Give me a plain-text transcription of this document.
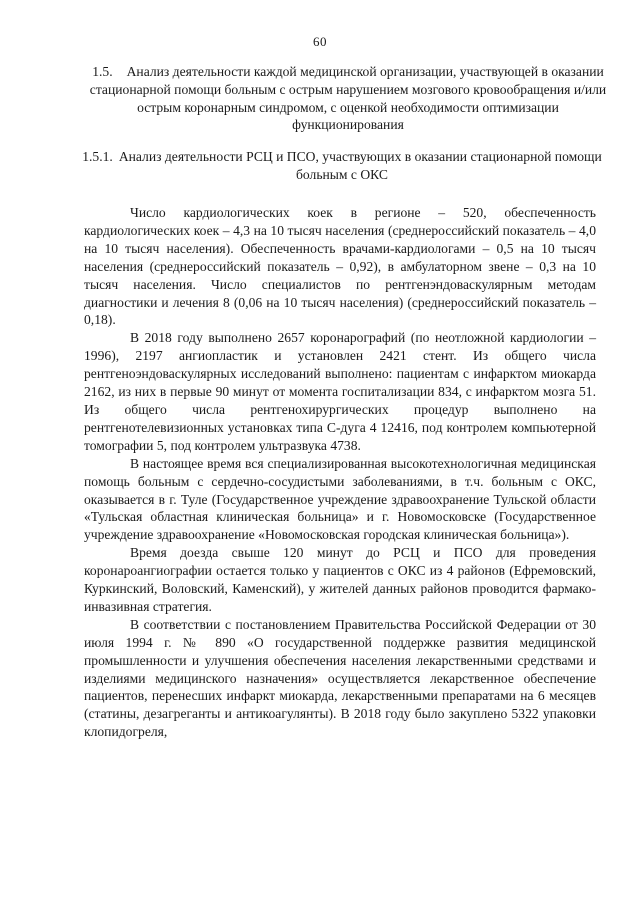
60
1.5. Анализ деятельности каждой медицинской организации, участвующей в оказании стационарной помощи больным с острым нарушением мозгового кровообращения и/или острым коронарным синдромом, с оценкой необходимости оптимизации функционирования
1.5.1. Анализ деятельности РСЦ и ПСО, участвующих в оказании стационарной помощи больным с ОКС

Число кардиологических коек в регионе – 520, обеспеченность кардиологических коек – 4,3 на 10 тысяч населения (среднероссийский показатель – 4,0 на 10 тысяч населения). Обеспеченность врачами-кардиологами – 0,5 на 10 тысяч населения (среднероссийский показатель – 0,92), в амбулаторном звене – 0,3 на 10 тысяч населения. Число специалистов по рентгенэндоваскулярным методам диагностики и лечения 8 (0,06 на 10 тысяч населения) (среднероссийский показатель – 0,18).

В 2018 году выполнено 2657 коронарографий (по неотложной кардиологии – 1996), 2197 ангиопластик и установлен 2421 стент. Из общего числа рентгеноэндоваскулярных исследований выполнено: пациентам с инфарктом миокарда 2162, из них в первые 90 минут от момента госпитализации 834, с инфарктом мозга 51. Из общего числа рентгенохирургических процедур выполнено на рентгенотелевизионных установках типа С-дуга 4 12416, под контролем компьютерной томографии 5, под контролем ультразвука 4738.

В настоящее время вся специализированная высокотехнологичная медицинская помощь больным с сердечно-сосудистыми заболеваниями, в т.ч. больным с ОКС, оказывается в г. Туле (Государственное учреждение здравоохранение Тульской области «Тульская областная клиническая больница» и г. Новомосковске (Государственное учреждение здравоохранение «Новомосковская городская клиническая больница»).

Время доезда свыше 120 минут до РСЦ и ПСО для проведения коронароангиографии остается только у пациентов с ОКС из 4 районов (Ефремовский, Куркинский, Воловский, Каменский), у жителей данных районов проводится фармако-инвазивная стратегия.

В соответствии с постановлением Правительства Российской Федерации от 30 июля 1994 г. № 890 «О государственной поддержке развития медицинской промышленности и улучшения обеспечения населения лекарственными средствами и изделиями медицинского назначения» осуществляется лекарственное обеспечение пациентов, перенесших инфаркт миокарда, лекарственными препаратами на 6 месяцев (статины, дезагреганты и антикоагулянты). В 2018 году было закуплено 5322 упаковки клопидогреля,
